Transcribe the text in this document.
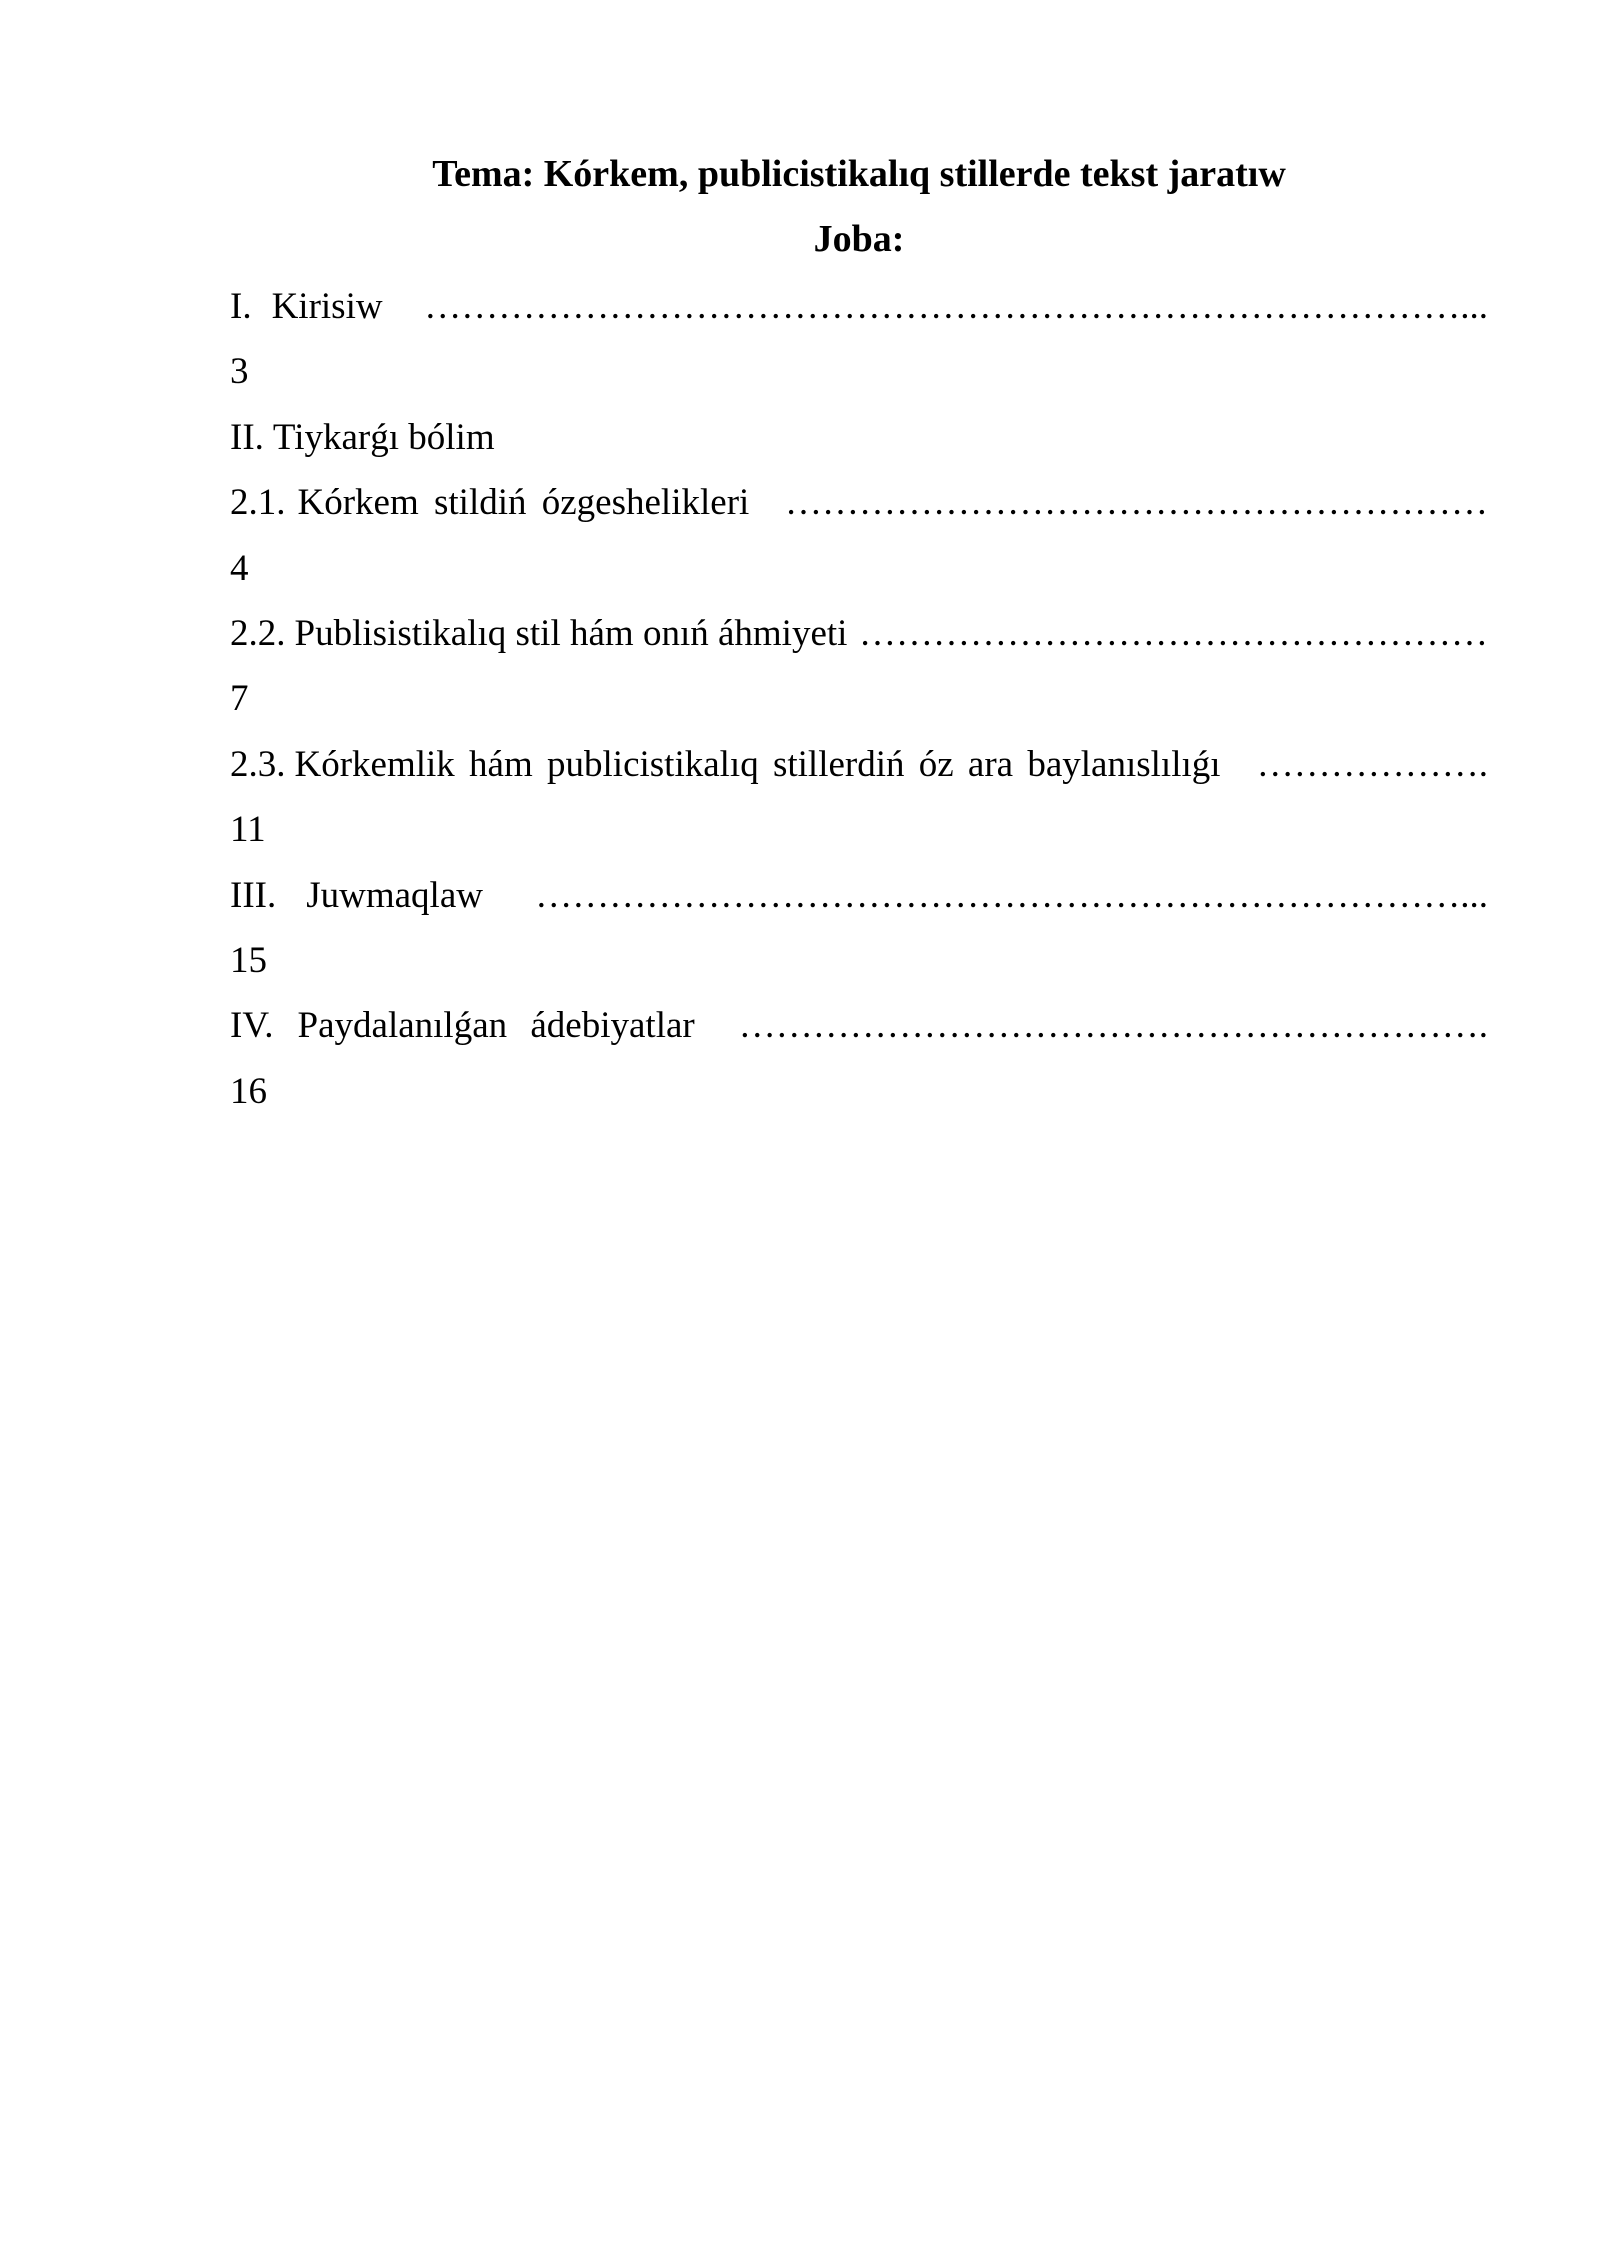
Tema: Kórkem, publicistikalıq stillerde tekst jaratıw
Joba:
I. Kirisiw …………………………………………………………………………...
3
II. Tiykarǵı bólim
2.1. Kórkem stildiń ózgeshelikleri …………………………………………………
4
2.2. Publisistikalıq stil hám onıń áhmiyeti ……………………………………………
7
2.3. Kórkemlik hám publicistikalıq stillerdiń óz ara baylanıslılıǵı ……………….
11
III. Juwmaqlaw …………………………………………………………………...
15
IV. Paydalanılǵan ádebiyatlar …………………………………………………….
16
